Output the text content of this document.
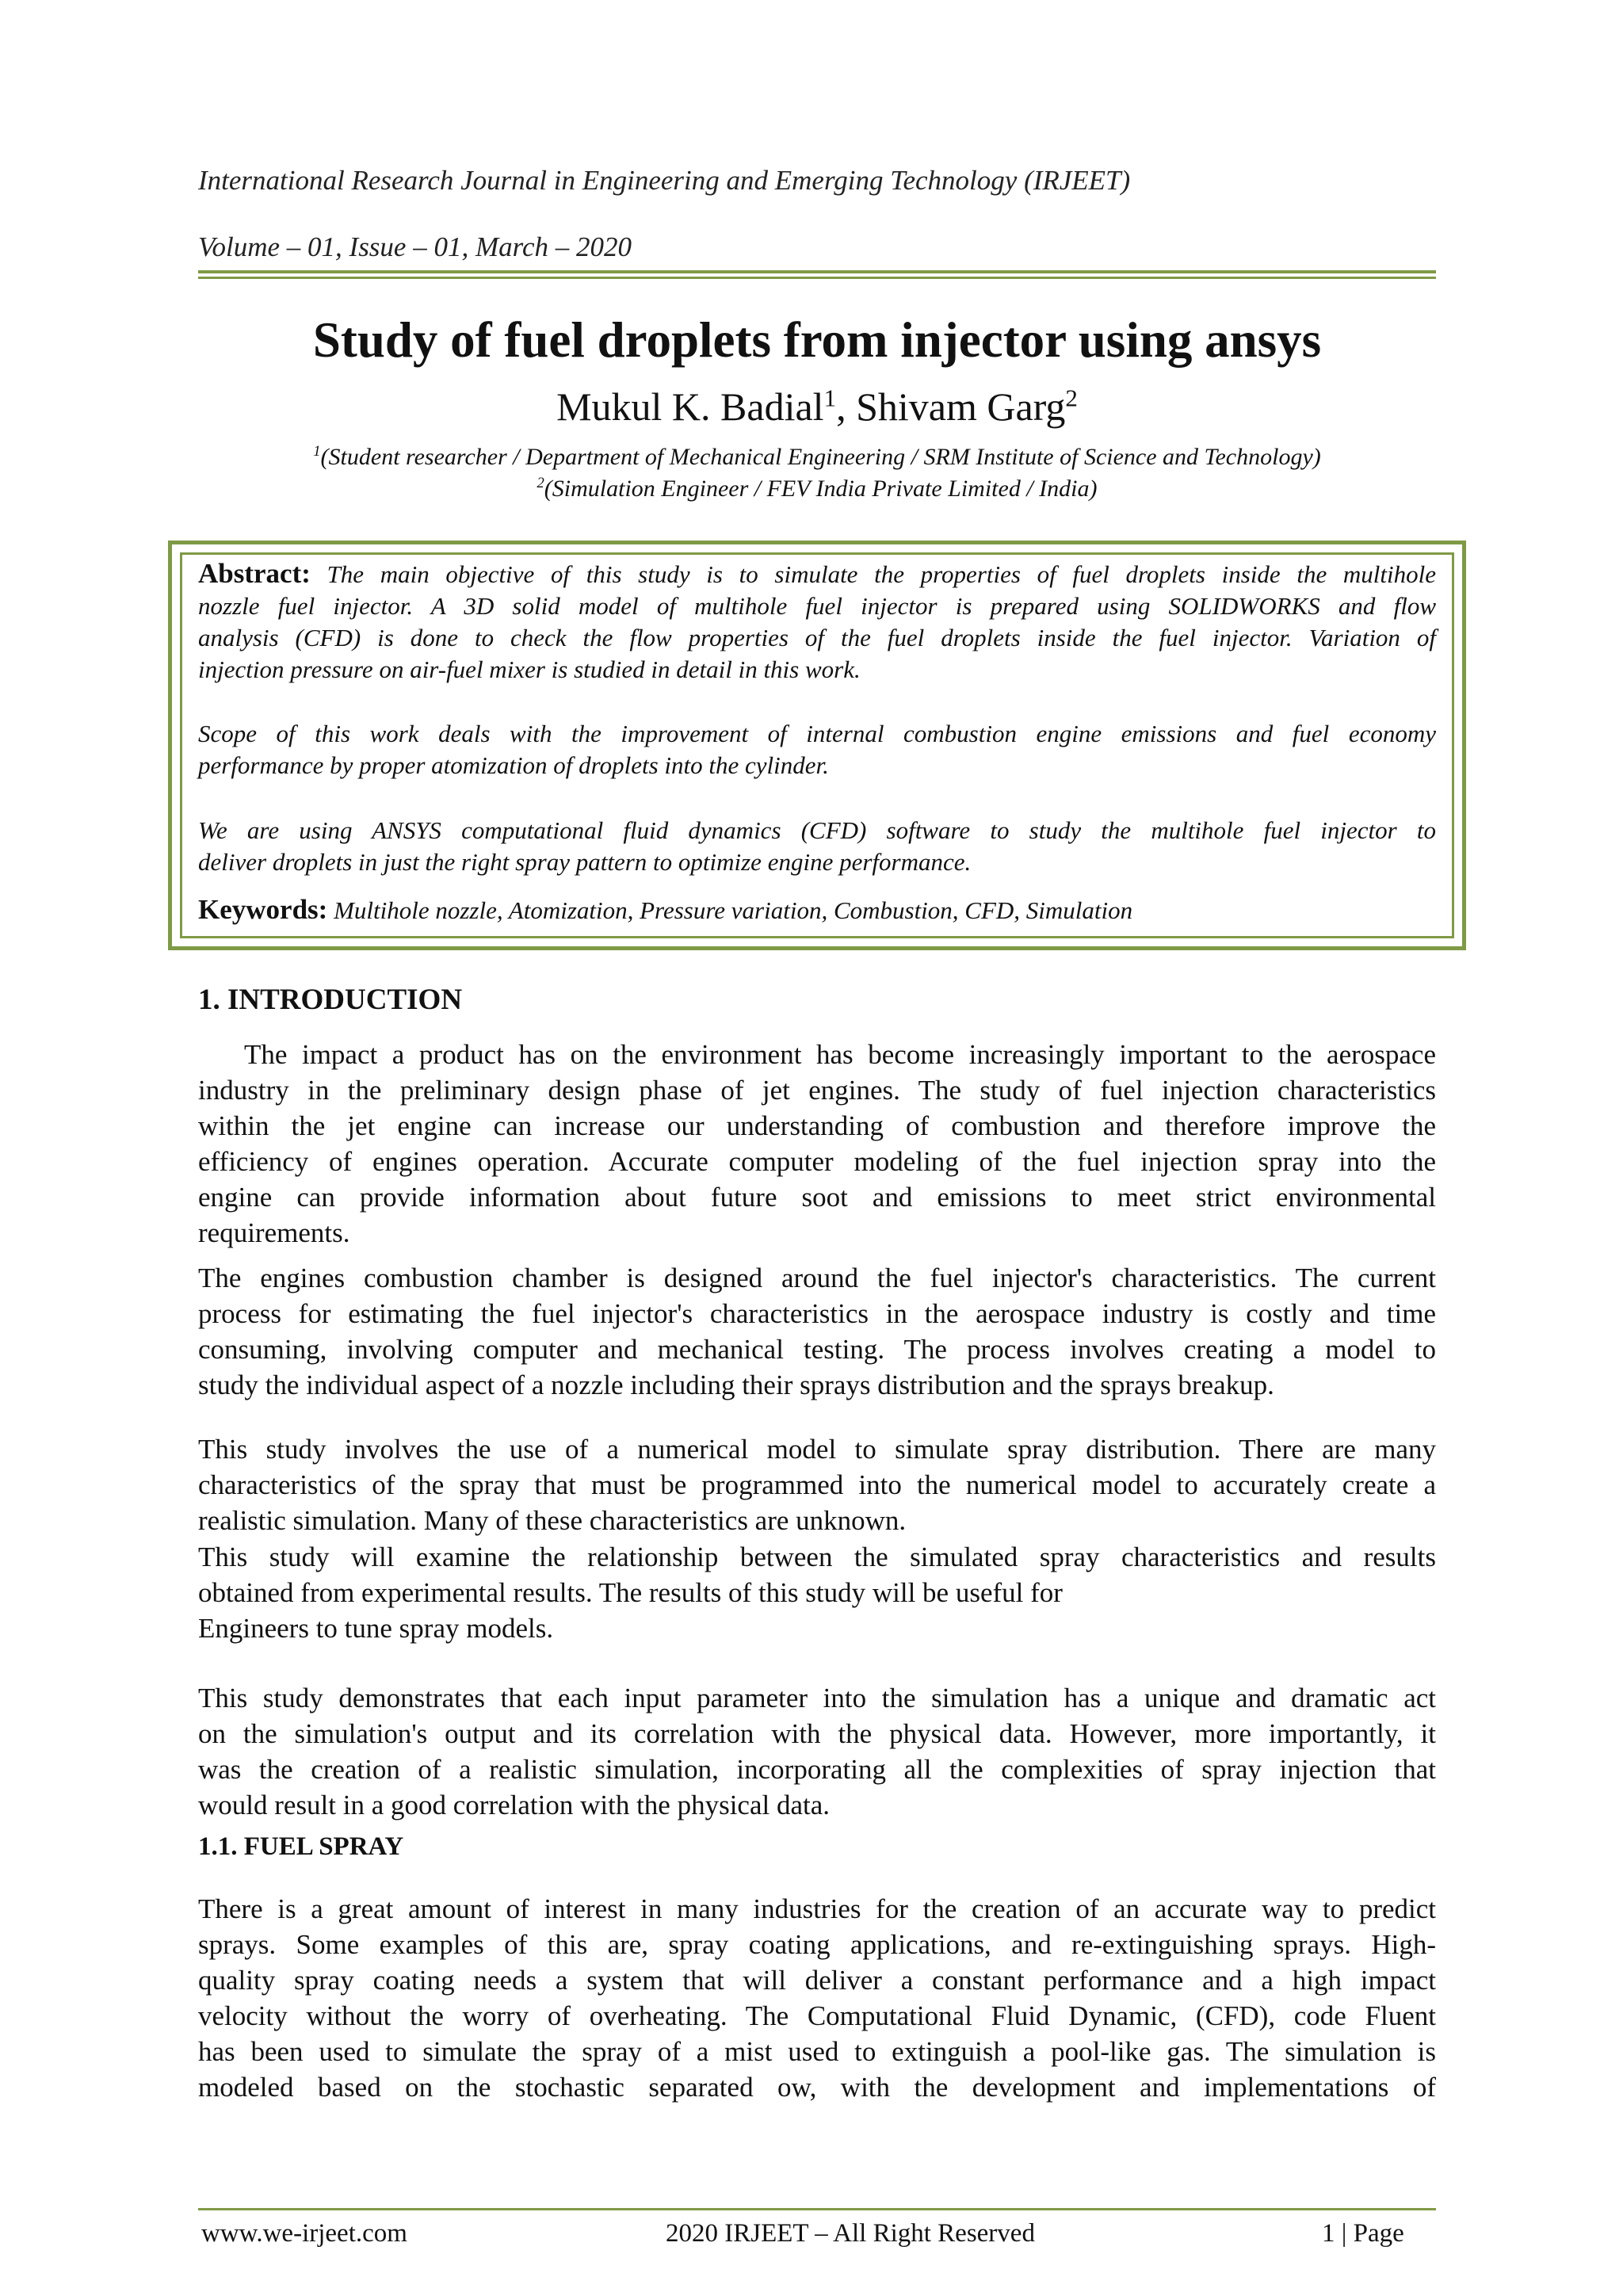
International Research Journal in Engineering and Emerging Technology (IRJEET)
Volume – 01, Issue – 01, March – 2020
Study of fuel droplets from injector using ansys
Mukul K. Badial$^1$, Shivam Garg$^2$
$^1$(Student researcher / Department of Mechanical Engineering / SRM Institute of Science and Technology)
$^2$(Simulation Engineer / FEV India Private Limited / India)
Abstract: The main objective of this study is to simulate the properties of fuel droplets inside the multihole
nozzle fuel injector. A 3D solid model of multihole fuel injector is prepared using SOLIDWORKS and flow
analysis (CFD) is done to check the flow properties of the fuel droplets inside the fuel injector. Variation of
injection pressure on air-fuel mixer is studied in detail in this work.
Scope of this work deals with the improvement of internal combustion engine emissions and fuel economy
performance by proper atomization of droplets into the cylinder.
We are using ANSYS computational fluid dynamics (CFD) software to study the multihole fuel injector to
deliver droplets in just the right spray pattern to optimize engine performance.
Keywords: Multihole nozzle, Atomization, Pressure variation, Combustion, CFD, Simulation
1. INTRODUCTION
The impact a product has on the environment has become increasingly important to the aerospace
industry in the preliminary design phase of jet engines. The study of fuel injection characteristics
within the jet engine can increase our understanding of combustion and therefore improve the
efficiency of engines operation. Accurate computer modeling of the fuel injection spray into the
engine can provide information about future soot and emissions to meet strict environmental
requirements.
The engines combustion chamber is designed around the fuel injector's characteristics. The current
process for estimating the fuel injector's characteristics in the aerospace industry is costly and time
consuming, involving computer and mechanical testing. The process involves creating a model to
study the individual aspect of a nozzle including their sprays distribution and the sprays breakup.
This study involves the use of a numerical model to simulate spray distribution. There are many
characteristics of the spray that must be programmed into the numerical model to accurately create a
realistic simulation. Many of these characteristics are unknown.
This study will examine the relationship between the simulated spray characteristics and results
obtained from experimental results. The results of this study will be useful for
Engineers to tune spray models.
This study demonstrates that each input parameter into the simulation has a unique and dramatic act
on the simulation's output and its correlation with the physical data. However, more importantly, it
was the creation of a realistic simulation, incorporating all the complexities of spray injection that
would result in a good correlation with the physical data.
1.1. FUEL SPRAY
There is a great amount of interest in many industries for the creation of an accurate way to predict
sprays. Some examples of this are, spray coating applications, and re-extinguishing sprays. High-
quality spray coating needs a system that will deliver a constant performance and a high impact
velocity without the worry of overheating. The Computational Fluid Dynamic, (CFD), code Fluent
has been used to simulate the spray of a mist used to extinguish a pool-like gas. The simulation is
modeled based on the stochastic separated ow, with the development and implementations of
www.we-irjeet.com	2020 IRJEET – All Right Reserved	1 | Page
